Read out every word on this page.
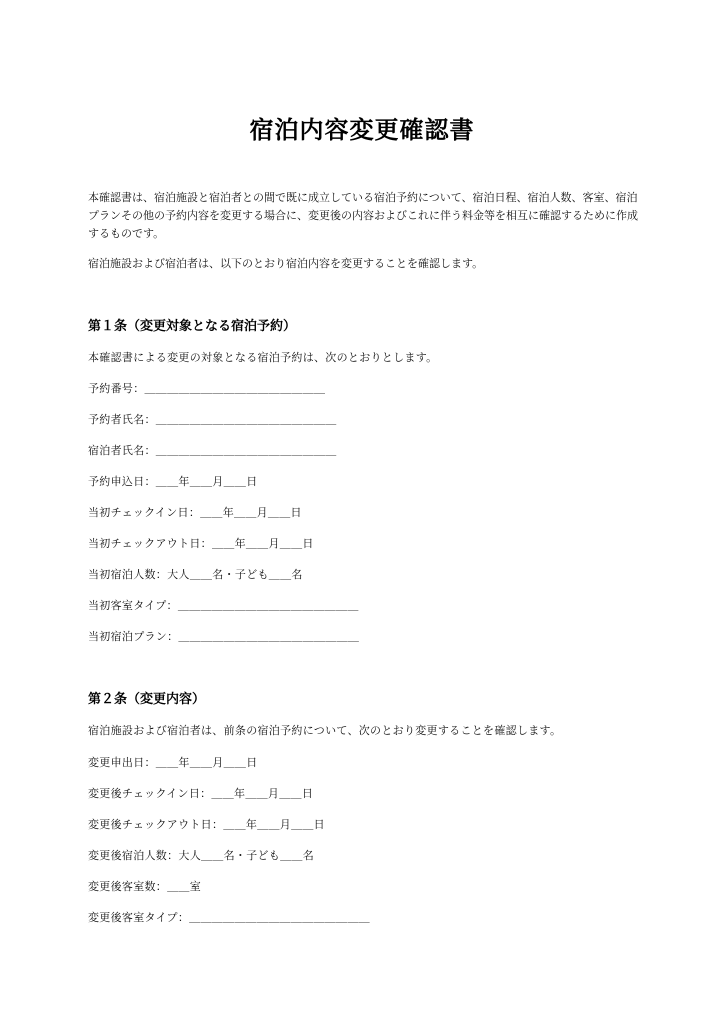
宿泊内容変更確認書
本確認書は、宿泊施設と宿泊者との間で既に成立している宿泊予約について、宿泊日程、宿泊人数、客室、宿泊プランその他の予約内容を変更する場合に、変更後の内容およびこれに伴う料金等を相互に確認するために作成するものです。
宿泊施設および宿泊者は、以下のとおり宿泊内容を変更することを確認します。
第１条（変更対象となる宿泊予約）
本確認書による変更の対象となる宿泊予約は、次のとおりとします。
予約番号：＿＿＿＿＿＿＿＿＿＿＿＿＿＿＿＿
予約者氏名：＿＿＿＿＿＿＿＿＿＿＿＿＿＿＿＿
宿泊者氏名：＿＿＿＿＿＿＿＿＿＿＿＿＿＿＿＿
予約申込日：＿＿年＿＿月＿＿日
当初チェックイン日：＿＿年＿＿月＿＿日
当初チェックアウト日：＿＿年＿＿月＿＿日
当初宿泊人数：大人＿＿名・子ども＿＿名
当初客室タイプ：＿＿＿＿＿＿＿＿＿＿＿＿＿＿＿＿
当初宿泊プラン：＿＿＿＿＿＿＿＿＿＿＿＿＿＿＿＿
第２条（変更内容）
宿泊施設および宿泊者は、前条の宿泊予約について、次のとおり変更することを確認します。
変更申出日：＿＿年＿＿月＿＿日
変更後チェックイン日：＿＿年＿＿月＿＿日
変更後チェックアウト日：＿＿年＿＿月＿＿日
変更後宿泊人数：大人＿＿名・子ども＿＿名
変更後客室数：＿＿室
変更後客室タイプ：＿＿＿＿＿＿＿＿＿＿＿＿＿＿＿＿
